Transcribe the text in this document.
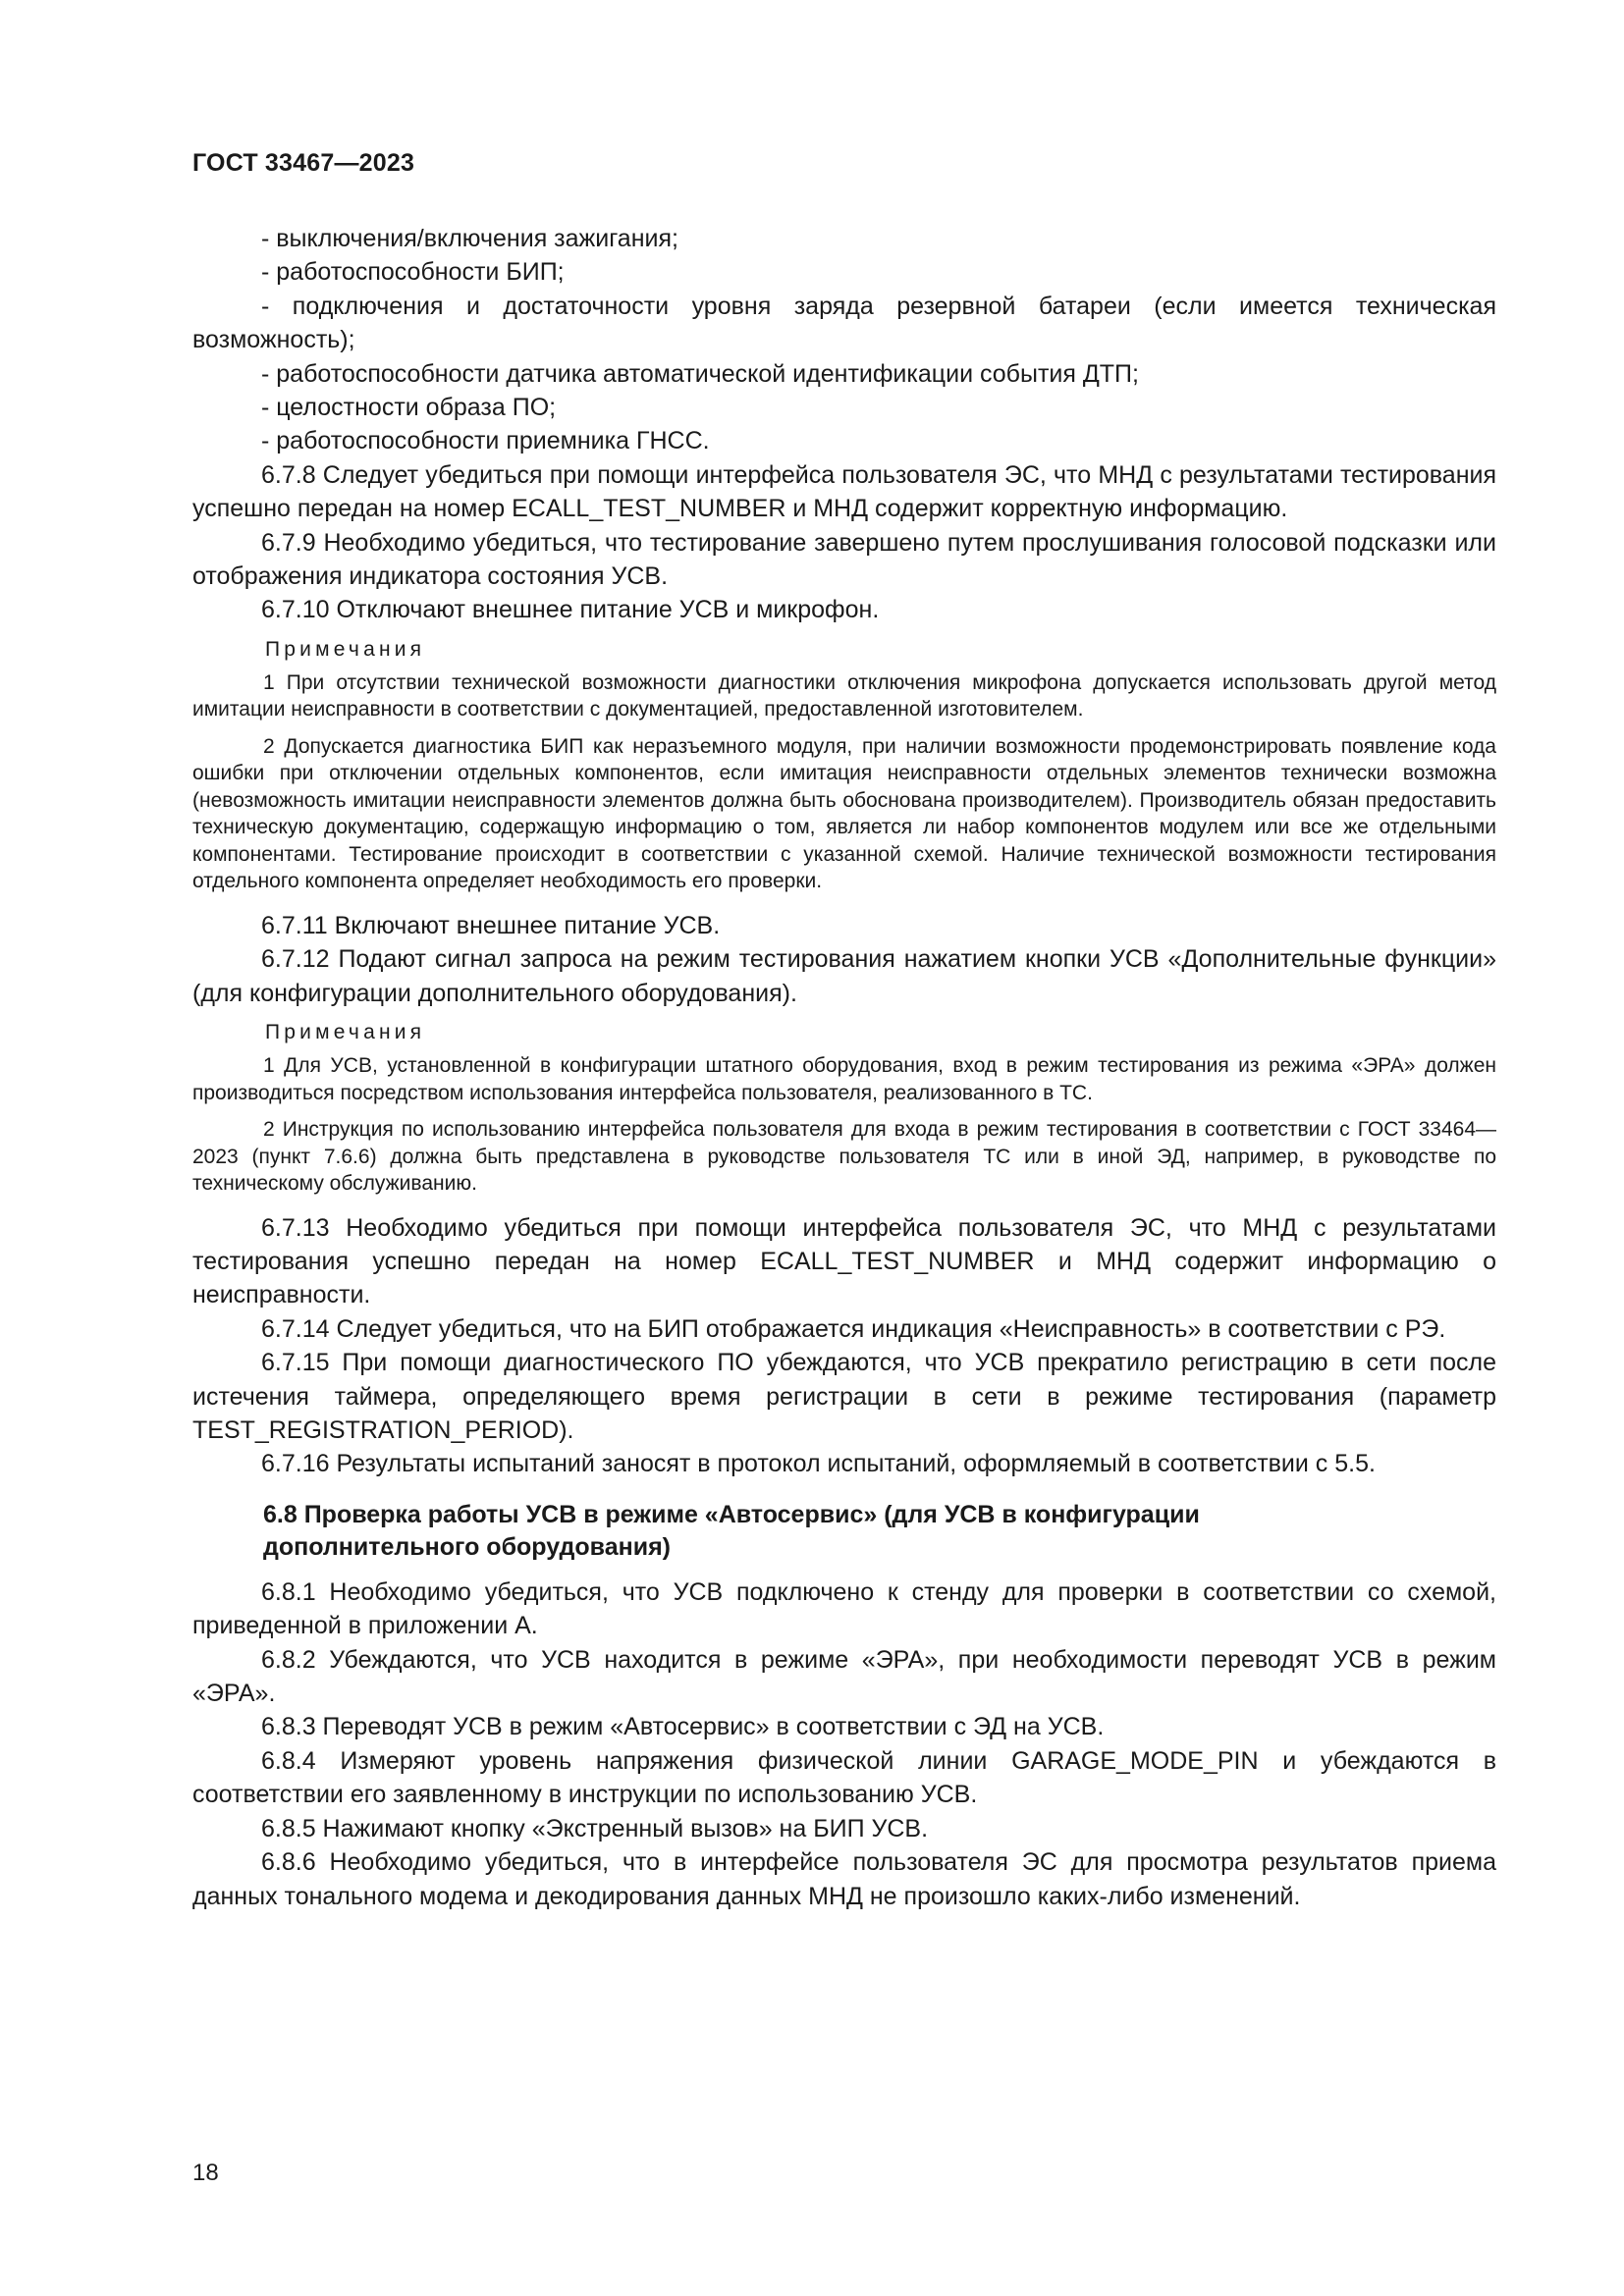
ГОСТ 33467—2023

- выключения/включения зажигания;

- работоспособности БИП;

- подключения и достаточности уровня заряда резервной батареи (если имеется техническая возможность);

- работоспособности датчика автоматической идентификации события ДТП;

- целостности образа ПО;

- работоспособности приемника ГНСС.

6.7.8 Следует убедиться при помощи интерфейса пользователя ЭС, что МНД с результатами тестирования успешно передан на номер ECALL_TEST_NUMBER и МНД содержит корректную информацию.

6.7.9 Необходимо убедиться, что тестирование завершено путем прослушивания голосовой подсказки или отображения индикатора состояния УСВ.

6.7.10 Отключают внешнее питание УСВ и микрофон.

Примечания

1 При отсутствии технической возможности диагностики отключения микрофона допускается использовать другой метод имитации неисправности в соответствии с документацией, предоставленной изготовителем.

2 Допускается диагностика БИП как неразъемного модуля, при наличии возможности продемонстрировать появление кода ошибки при отключении отдельных компонентов, если имитация неисправности отдельных элементов технически возможна (невозможность имитации неисправности элементов должна быть обоснована производителем). Производитель обязан предоставить техническую документацию, содержащую информацию о том, является ли набор компонентов модулем или все же отдельными компонентами. Тестирование происходит в соответствии с указанной схемой. Наличие технической возможности тестирования отдельного компонента определяет необходимость его проверки.

6.7.11 Включают внешнее питание УСВ.

6.7.12 Подают сигнал запроса на режим тестирования нажатием кнопки УСВ «Дополнительные функции» (для конфигурации дополнительного оборудования).

Примечания

1 Для УСВ, установленной в конфигурации штатного оборудования, вход в режим тестирования из режима «ЭРА» должен производиться посредством использования интерфейса пользователя, реализованного в ТС.

2 Инструкция по использованию интерфейса пользователя для входа в режим тестирования в соответствии с ГОСТ 33464—2023 (пункт 7.6.6) должна быть представлена в руководстве пользователя ТС или в иной ЭД, например, в руководстве по техническому обслуживанию.

6.7.13 Необходимо убедиться при помощи интерфейса пользователя ЭС, что МНД с результатами тестирования успешно передан на номер ECALL_TEST_NUMBER и МНД содержит информацию о неисправности.

6.7.14 Следует убедиться, что на БИП отображается индикация «Неисправность» в соответствии с РЭ.

6.7.15 При помощи диагностического ПО убеждаются, что УСВ прекратило регистрацию в сети после истечения таймера, определяющего время регистрации в сети в режиме тестирования (параметр TEST_REGISTRATION_PERIOD).

6.7.16 Результаты испытаний заносят в протокол испытаний, оформляемый в соответствии с 5.5.

6.8 Проверка работы УСВ в режиме «Автосервис» (для УСВ в конфигурации
дополнительного оборудования)

6.8.1 Необходимо убедиться, что УСВ подключено к стенду для проверки в соответствии со схемой, приведенной в приложении А.

6.8.2 Убеждаются, что УСВ находится в режиме «ЭРА», при необходимости переводят УСВ в режим «ЭРА».

6.8.3 Переводят УСВ в режим «Автосервис» в соответствии с ЭД на УСВ.

6.8.4 Измеряют уровень напряжения физической линии GARAGE_MODE_PIN и убеждаются в соответствии его заявленному в инструкции по использованию УСВ.

6.8.5 Нажимают кнопку «Экстренный вызов» на БИП УСВ.

6.8.6 Необходимо убедиться, что в интерфейсе пользователя ЭС для просмотра результатов приема данных тонального модема и декодирования данных МНД не произошло каких-либо изменений.

18
